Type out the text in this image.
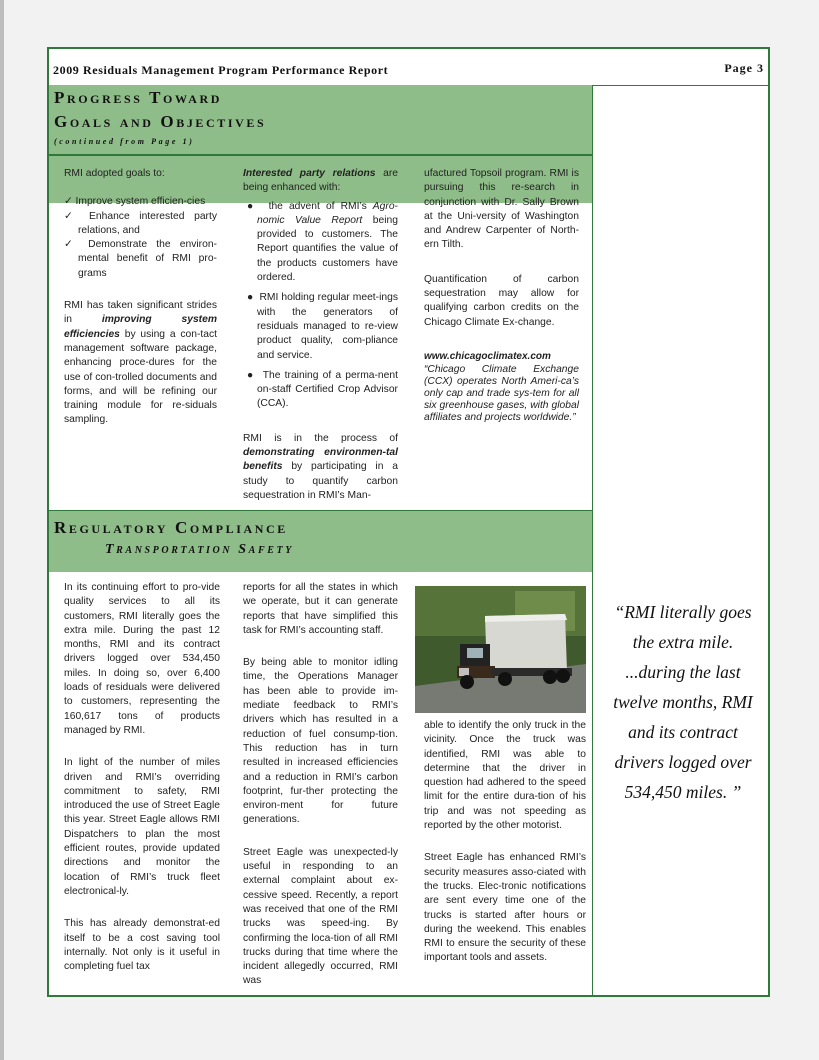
2009 Residuals Management Program Performance Report	Page 3
Progress Toward
Goals and Objectives
(continued from Page 1)

RMI adopted goals to:

✓ Improve system efficien-cies

✓ Enhance interested party relations, and

✓ Demonstrate the environ-mental benefit of RMI pro-grams

RMI has taken significant strides in improving system efficiencies by using a con-tact management software package, enhancing proce-dures for the use of con-trolled documents and forms, and will be refining our training module for re-siduals sampling.

Interested party relations are being enhanced with:

● the advent of RMI’s Agro-nomic Value Report being provided to customers. The Report quantifies the value of the products customers have ordered.

● RMI holding regular meet-ings with the generators of residuals managed to re-view product quality, com-pliance and service.

● The training of a perma-nent on-staff Certified Crop Advisor (CCA).

RMI is in the process of demonstrating environmen-tal benefits by participating in a study to quantify carbon sequestration in RMI’s Man-

ufactured Topsoil program. RMI is pursuing this re-search in conjunction with Dr. Sally Brown at the Uni-versity of Washington and Andrew Carpenter of North-ern Tilth.

Quantification of carbon sequestration may allow for qualifying carbon credits on the Chicago Climate Ex-change.

www.chicagoclimatex.com

“Chicago Climate Exchange (CCX) operates North Ameri-ca’s only cap and trade sys-tem for all six greenhouse gases, with global affiliates and projects worldwide.”

Regulatory Compliance
Transportation Safety

In its continuing effort to pro-vide quality services to all its customers, RMI literally goes the extra mile. During the past 12 months, RMI and its contract drivers logged over 534,450 miles. In doing so, over 6,400 loads of residuals were delivered to customers, representing the 160,617 tons of products managed by RMI.

In light of the number of miles driven and RMI’s overriding commitment to safety, RMI introduced the use of Street Eagle this year. Street Eagle allows RMI Dispatchers to plan the most efficient routes, provide updated directions and monitor the location of RMI’s truck fleet electronical-ly.

This has already demonstrat-ed itself to be a cost saving tool internally. Not only is it useful in completing fuel tax

reports for all the states in which we operate, but it can generate reports that have simplified this task for RMI’s accounting staff.

By being able to monitor idling time, the Operations Manager has been able to provide im-mediate feedback to RMI’s drivers which has resulted in a reduction of fuel consump-tion. This reduction has in turn resulted in increased efficiencies and a reduction in RMI’s carbon footprint, fur-ther protecting the environ-ment for future generations.

Street Eagle was unexpected-ly useful in responding to an external complaint about ex-cessive speed. Recently, a report was received that one of the RMI trucks was speed-ing. By confirming the loca-tion of all RMI trucks during that time where the incident allegedly occurred, RMI was

able to identify the only truck in the vicinity. Once the truck was identified, RMI was able to determine that the driver in question had adhered to the speed limit for the entire dura-tion of his trip and was not speeding as reported by the other motorist.

Street Eagle has enhanced RMI’s security measures asso-ciated with the trucks. Elec-tronic notifications are sent every time one of the trucks is started after hours or during the weekend. This enables RMI to ensure the security of these important tools and assets.

“RMI literally goes
the extra mile.
...during the last
twelve months, RMI
and its contract
drivers logged over
534,450 miles. ”
